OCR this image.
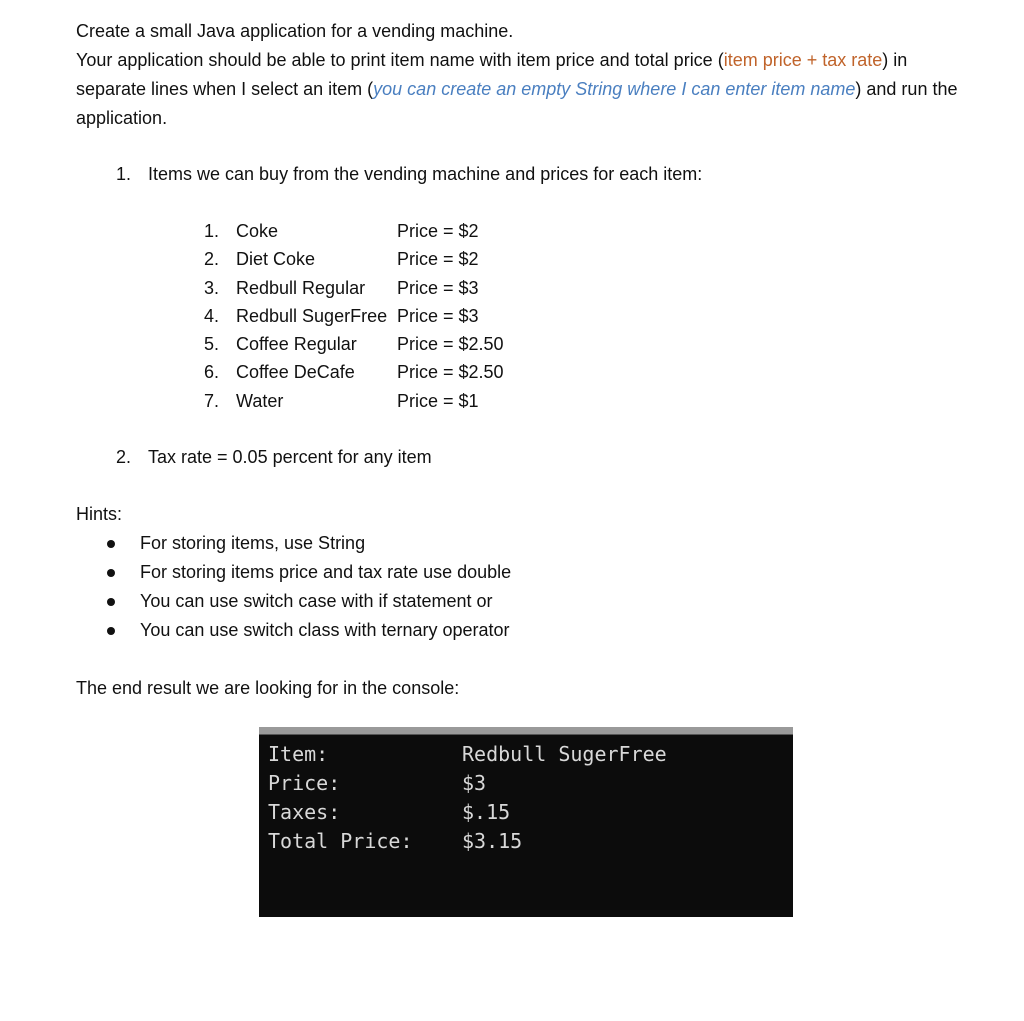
Create a small Java application for a vending machine.

Your application should be able to print item name with item price and total price (item price + tax rate) in separate lines when I select an item (you can create an empty String where I can enter item name) and run the application.

1. Items we can buy from the vending machine and prices for each item:
1. Coke	Price = $2
2. Diet Coke	Price = $2
3. Redbull Regular Price = $3
4. Redbull SugerFree Price = $3
5. Coffee Regular Price = $2.50
6. Coffee DeCafe Price = $2.50
7. Water	Price = $1
2. Tax rate = 0.05 percent for any item
Hints:
For storing items, use String
For storing items price and tax rate use double
You can use switch case with if statement or
You can use switch class with ternary operator
The end result we are looking for in the console:
Item:	Redbull SugerFree
Price:	$3
Taxes:	$.15
Total Price: $3.15
